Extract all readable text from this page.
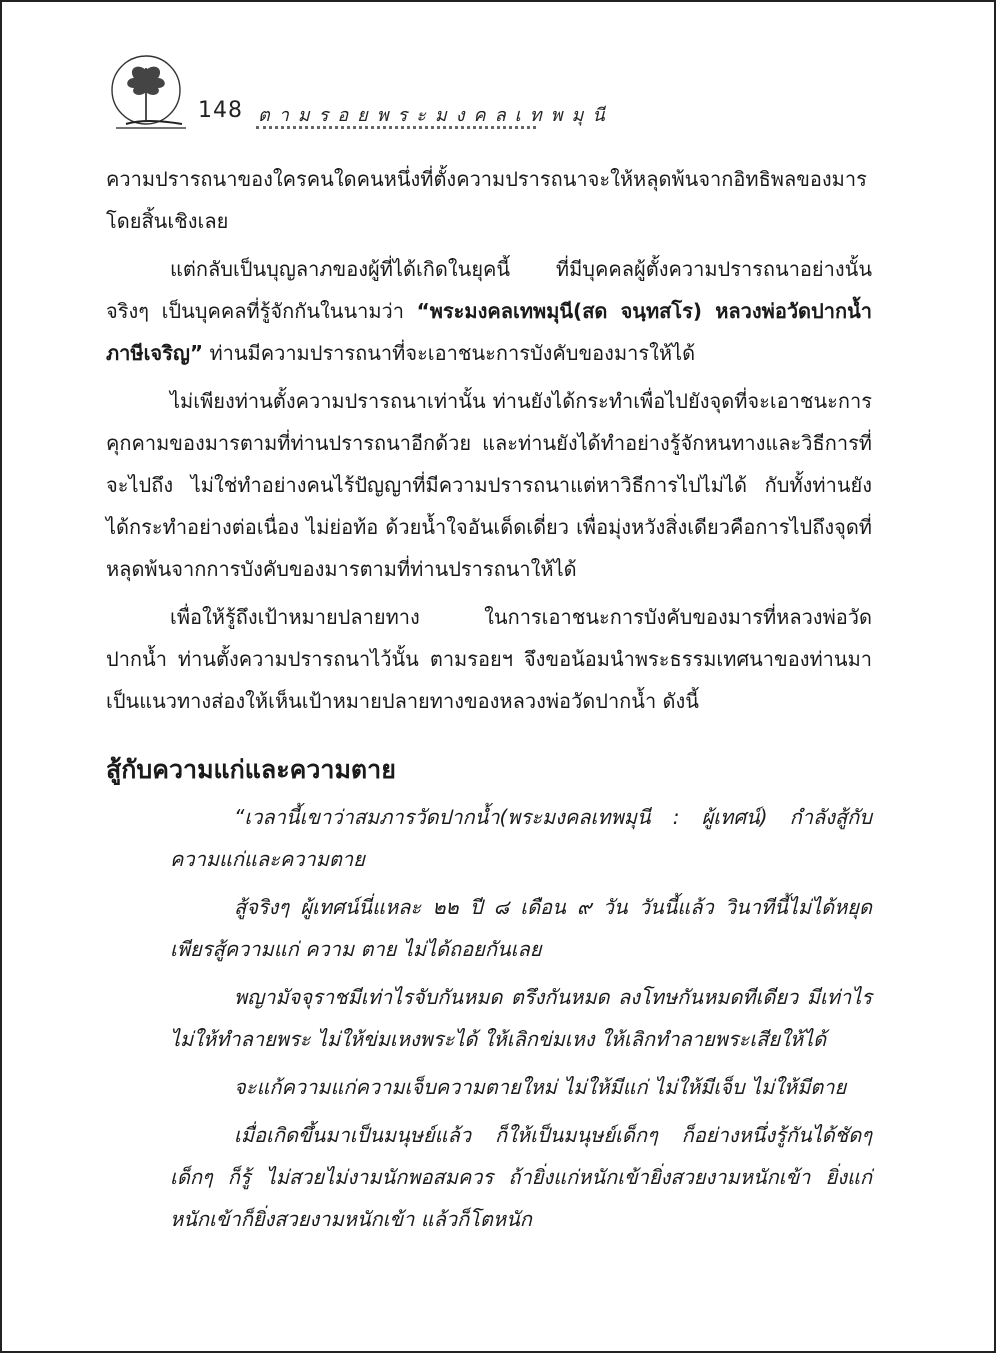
148 ตามรอยพระมงคลเทพมุนี

ความปรารถนาของใครคนใดคนหนึ่งที่ตั้งความปรารถนาจะให้หลุดพ้นจากอิทธิพลของมารโดยสิ้นเชิงเลย

แต่กลับเป็นบุญลาภของผู้ที่ได้เกิดในยุคนี้ ที่มีบุคคลผู้ตั้งความปรารถนาอย่างนั้นจริงๆ เป็นบุคคลที่รู้จักกันในนามว่า “พระมงคลเทพมุนี(สด จนฺทสโร) หลวงพ่อวัดปากน้ำ ภาษีเจริญ” ท่านมีความปรารถนาที่จะเอาชนะการบังคับของมารให้ได้

ไม่เพียงท่านตั้งความปรารถนาเท่านั้น ท่านยังได้กระทำเพื่อไปยังจุดที่จะเอาชนะการคุกคามของมารตามที่ท่านปรารถนาอีกด้วย และท่านยังได้ทำอย่างรู้จักหนทางและวิธีการที่จะไปถึง ไม่ใช่ทำอย่างคนไร้ปัญญาที่มีความปรารถนาแต่หาวิธีการไปไม่ได้ กับทั้งท่านยังได้กระทำอย่างต่อเนื่อง ไม่ย่อท้อ ด้วยน้ำใจอันเด็ดเดี่ยว เพื่อมุ่งหวังสิ่งเดียวคือการไปถึงจุดที่หลุดพ้นจากการบังคับของมารตามที่ท่านปรารถนาให้ได้

เพื่อให้รู้ถึงเป้าหมายปลายทาง ในการเอาชนะการบังคับของมารที่หลวงพ่อวัดปากน้ำ ท่านตั้งความปรารถนาไว้นั้น ตามรอยฯ จึงขอน้อมนำพระธรรมเทศนาของท่านมาเป็นแนวทางส่องให้เห็นเป้าหมายปลายทางของหลวงพ่อวัดปากน้ำ ดังนี้

สู้กับความแก่และความตาย

“เวลานี้เขาว่าสมภารวัดปากน้ำ(พระมงคลเทพมุนี : ผู้เทศน์) กำลังสู้กับความแก่และความตาย

สู้จริงๆ ผู้เทศน์นี่แหละ ๒๒ ปี ๘ เดือน ๙ วัน วันนี้แล้ว วินาทีนี้ไม่ได้หยุด เพียรสู้ความแก่ ความ ตาย ไม่ได้ถอยกันเลย

พญามัจจุราชมีเท่าไรจับกันหมด ตรึงกันหมด ลงโทษกันหมดทีเดียว มีเท่าไรไม่ให้ทำลายพระ ไม่ให้ข่มเหงพระได้ ให้เลิกข่มเหง ให้เลิกทำลายพระเสียให้ได้

จะแก้ความแก่ความเจ็บความตายใหม่ ไม่ให้มีแก่ ไม่ให้มีเจ็บ ไม่ให้มีตาย

เมื่อเกิดขึ้นมาเป็นมนุษย์แล้ว ก็ให้เป็นมนุษย์เด็กๆ ก็อย่างหนึ่งรู้กันได้ชัดๆ เด็กๆ ก็รู้ ไม่สวยไม่งามนักพอสมควร ถ้ายิ่งแก่หนักเข้ายิ่งสวยงามหนักเข้า ยิ่งแก่หนักเข้าก็ยิ่งสวยงามหนักเข้า แล้วก็โตหนัก
